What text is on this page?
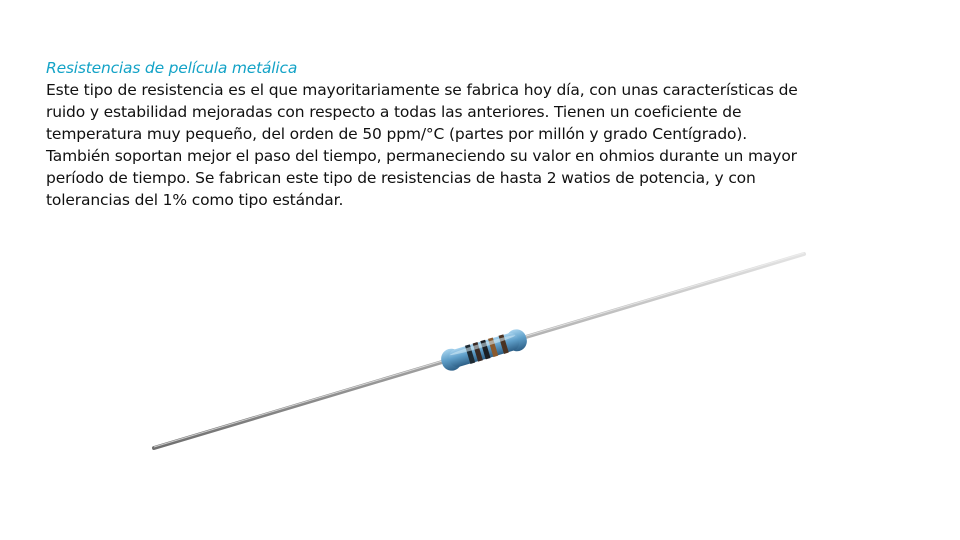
Resistencias de película metálica
Este tipo de resistencia es el que mayoritariamente se fabrica hoy día, con unas características de
ruido y estabilidad mejoradas con respecto a todas las anteriores. Tienen un coeficiente de
temperatura muy pequeño, del orden de 50 ppm/°C (partes por millón y grado Centígrado).
También soportan mejor el paso del tiempo, permaneciendo su valor en ohmios durante un mayor
período de tiempo. Se fabrican este tipo de resistencias de hasta 2 watios de potencia, y con
tolerancias del 1% como tipo estándar.
